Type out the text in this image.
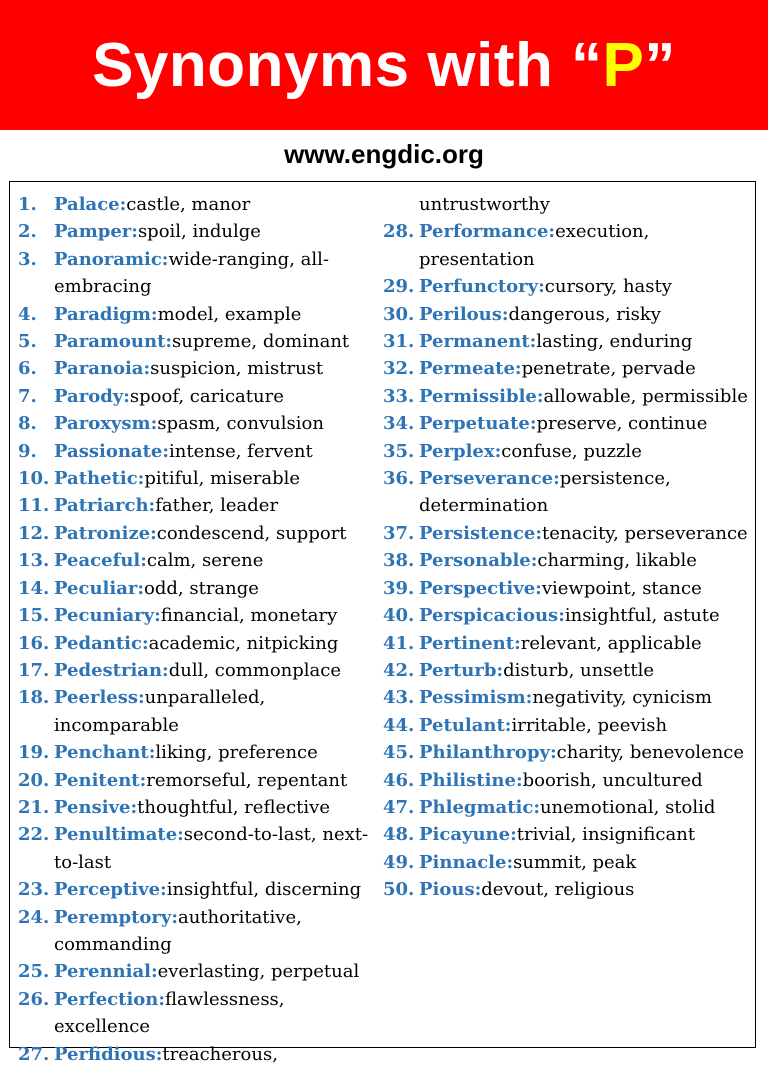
Synonyms with “P”
www.engdic.org
1. Palace:castle, manor
2. Pamper:spoil, indulge
3. Panoramic:wide-ranging, all-embracing
4. Paradigm:model, example
5. Paramount:supreme, dominant
6. Paranoia:suspicion, mistrust
7. Parody:spoof, caricature
8. Paroxysm:spasm, convulsion
9. Passionate:intense, fervent
10. Pathetic:pitiful, miserable
11. Patriarch:father, leader
12. Patronize:condescend, support
13. Peaceful:calm, serene
14. Peculiar:odd, strange
15. Pecuniary:financial, monetary
16. Pedantic:academic, nitpicking
17. Pedestrian:dull, commonplace
18. Peerless:unparalleled, incomparable
19. Penchant:liking, preference
20. Penitent:remorseful, repentant
21. Pensive:thoughtful, reflective
22. Penultimate:second-to-last, next-to-last
23. Perceptive:insightful, discerning
24. Peremptory:authoritative, commanding
25. Perennial:everlasting, perpetual
26. Perfection:flawlessness, excellence
27. Perfidious:treacherous,
untrustworthy
28. Performance:execution, presentation
29. Perfunctory:cursory, hasty
30. Perilous:dangerous, risky
31. Permanent:lasting, enduring
32. Permeate:penetrate, pervade
33. Permissible:allowable, permissible
34. Perpetuate:preserve, continue
35. Perplex:confuse, puzzle
36. Perseverance:persistence, determination
37. Persistence:tenacity, perseverance
38. Personable:charming, likable
39. Perspective:viewpoint, stance
40. Perspicacious:insightful, astute
41. Pertinent:relevant, applicable
42. Perturb:disturb, unsettle
43. Pessimism:negativity, cynicism
44. Petulant:irritable, peevish
45. Philanthropy:charity, benevolence
46. Philistine:boorish, uncultured
47. Phlegmatic:unemotional, stolid
48. Picayune:trivial, insignificant
49. Pinnacle:summit, peak
50. Pious:devout, religious
